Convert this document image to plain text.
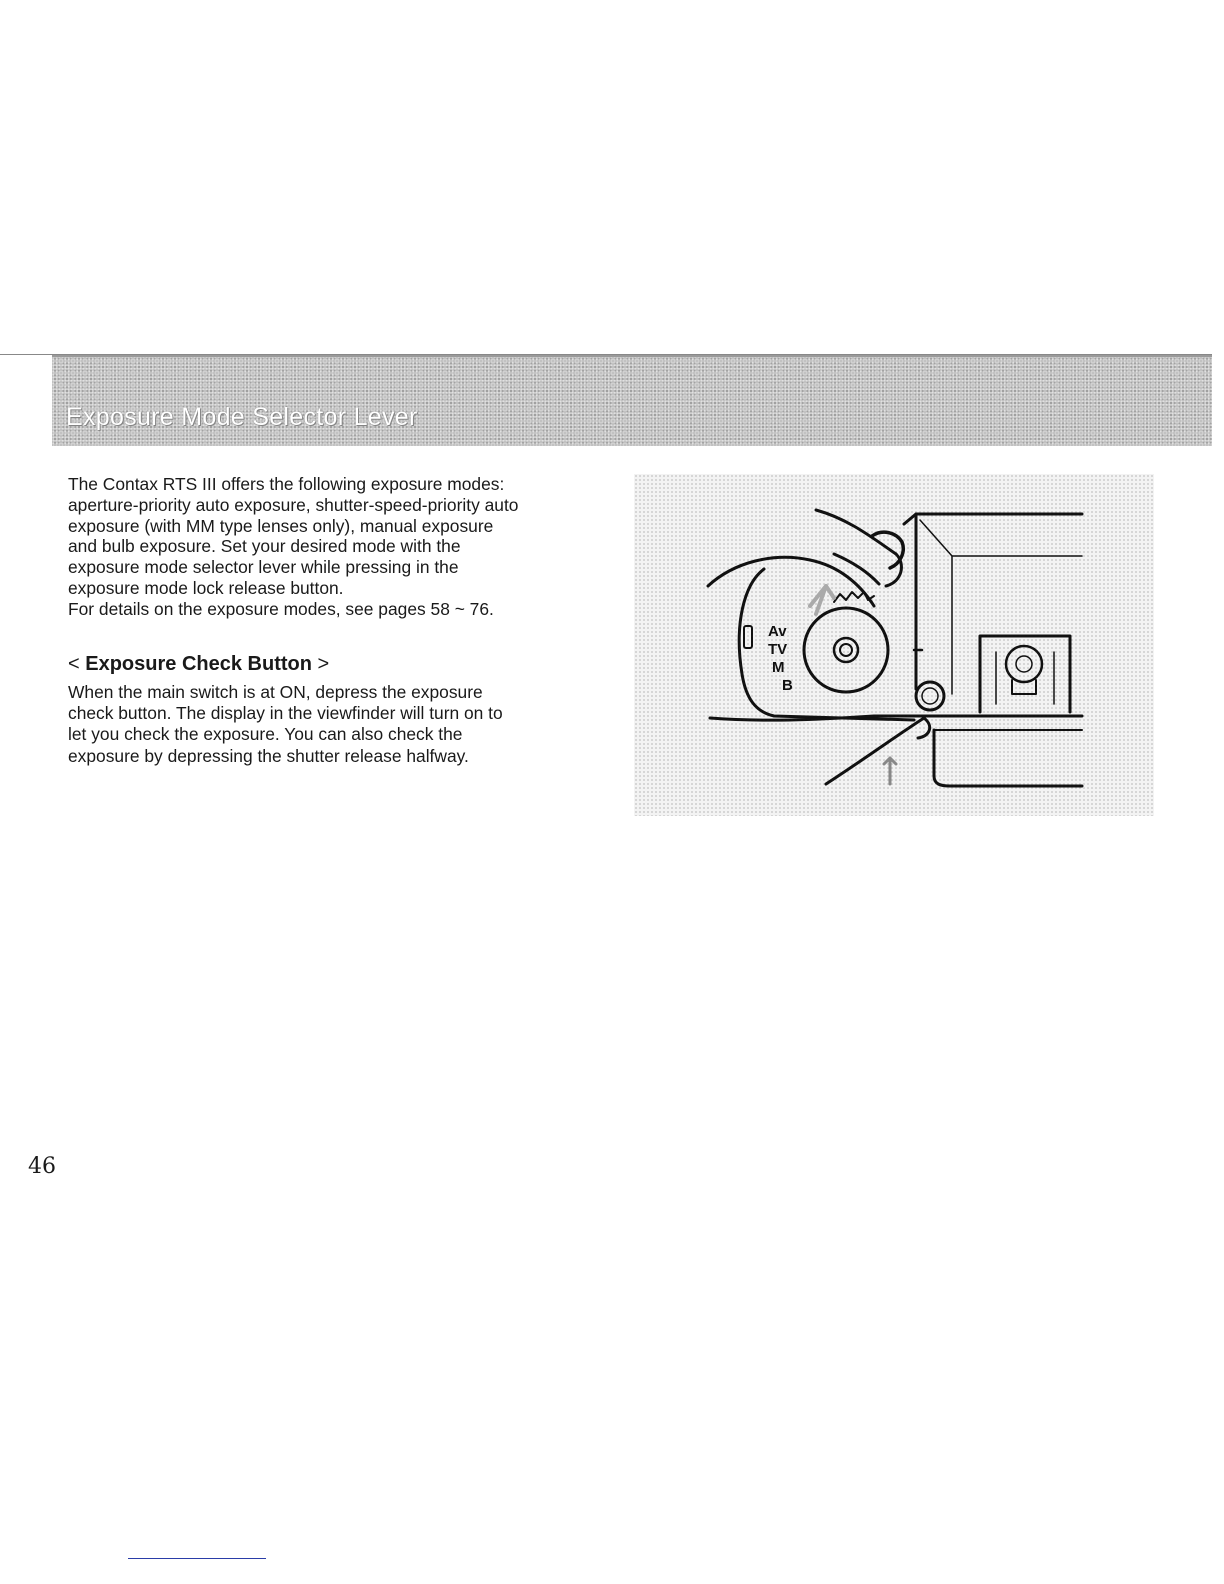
Exposure Mode Selector Lever

The Contax RTS III offers the following exposure modes:
aperture-priority auto exposure, shutter-speed-priority auto
exposure (with MM type lenses only), manual exposure
and bulb exposure. Set your desired mode with the
exposure mode selector lever while pressing in the
exposure mode lock release button.
For details on the exposure modes, see pages 58 ~ 76.

< Exposure Check Button >

When the main switch is at ON, depress the exposure
check button. The display in the viewfinder will turn on to
let you check the exposure. You can also check the
exposure by depressing the shutter release halfway.

Av
TV
M
B
46
